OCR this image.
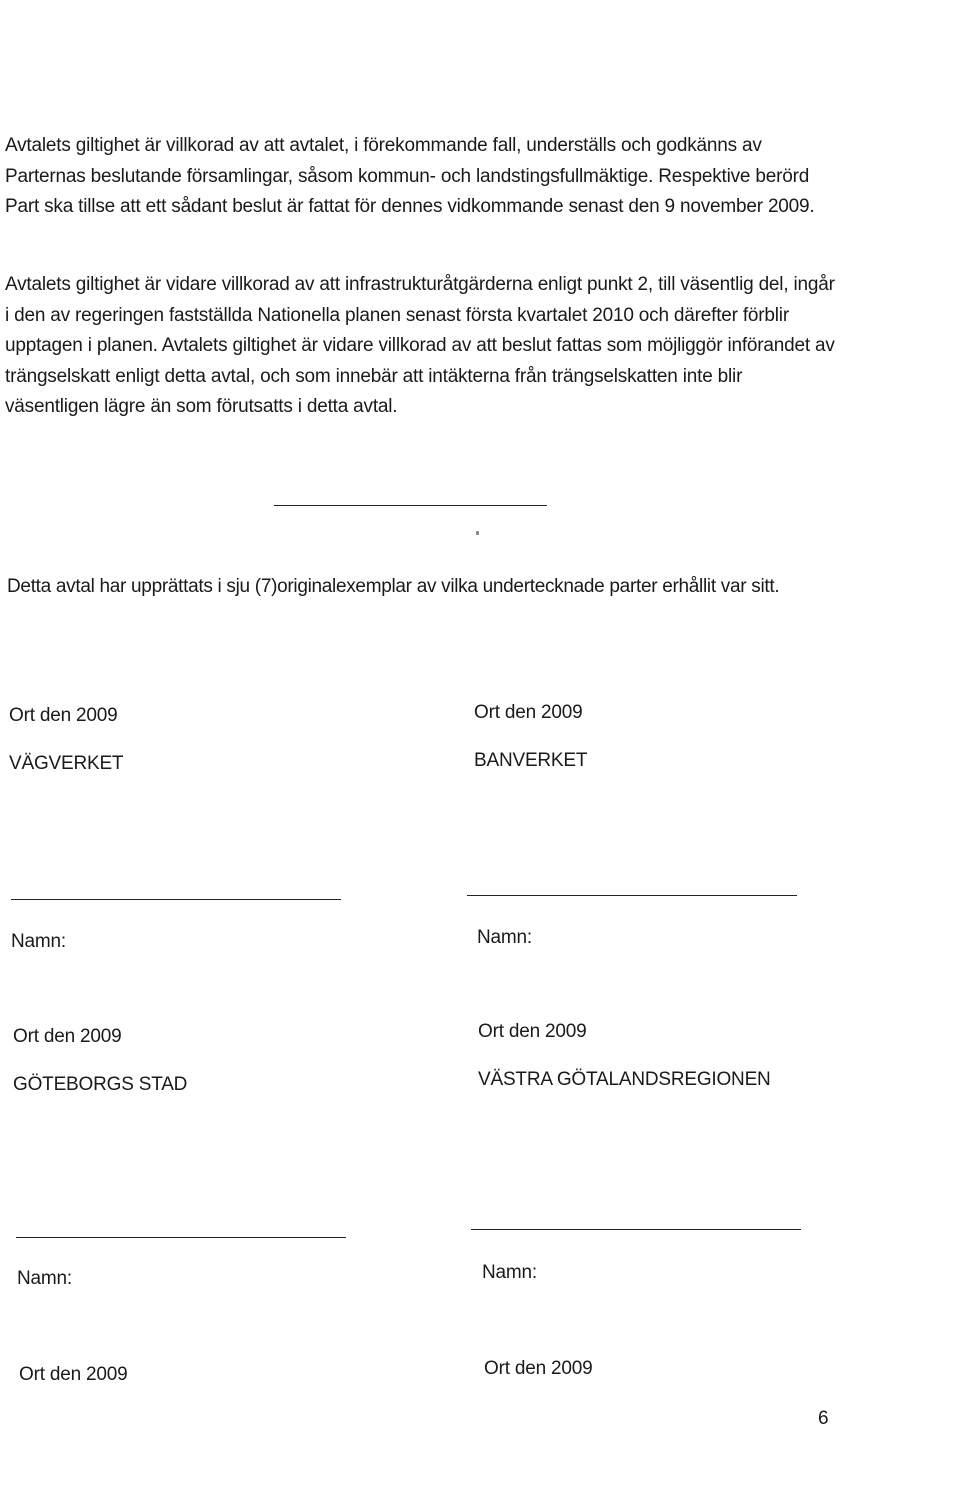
Avtalets giltighet är villkorad av att avtalet, i förekommande fall, underställs och godkänns av Parternas beslutande församlingar, såsom kommun- och landstingsfullmäktige. Respektive berörd Part ska tillse att ett sådant beslut är fattat för dennes vidkommande senast den 9 november 2009.

Avtalets giltighet är vidare villkorad av att infrastrukturåtgärderna enligt punkt 2, till väsentlig del, ingår i den av regeringen fastställda Nationella planen senast första kvartalet 2010 och därefter förblir upptagen i planen. Avtalets giltighet är vidare villkorad av att beslut fattas som möjliggör införandet av trängselskatt enligt detta avtal, och som innebär att intäkterna från trängselskatten inte blir väsentligen lägre än som förutsatts i detta avtal.

Detta avtal har upprättats i sju (7)originalexemplar av vilka undertecknade parter erhållit var sitt.

Ort den 2009

VÄGVERKET

Namn:

Ort den 2009

BANVERKET

Namn:

Ort den 2009

GÖTEBORGS STAD

Namn:

Ort den 2009

VÄSTRA GÖTALANDSREGIONEN

Namn:

Ort den 2009	Ort den 2009

6
